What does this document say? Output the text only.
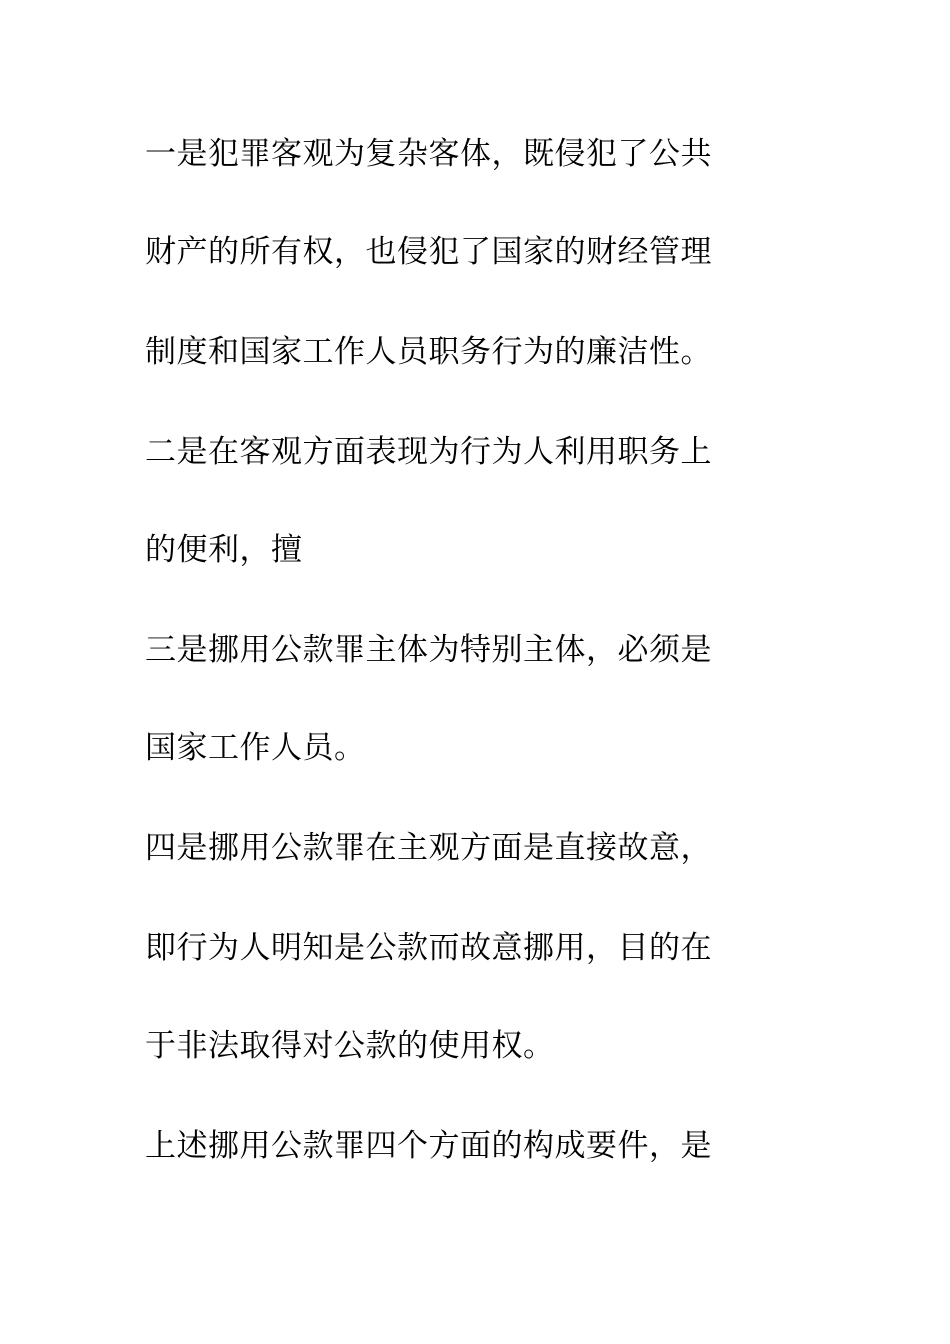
一是犯罪客观为复杂客体，既侵犯了公共
财产的所有权，也侵犯了国家的财经管理
制度和国家工作人员职务行为的廉洁性。
二是在客观方面表现为行为人利用职务上
的便利，擅
三是挪用公款罪主体为特别主体，必须是
国家工作人员。
四是挪用公款罪在主观方面是直接故意，
即行为人明知是公款而故意挪用，目的在
于非法取得对公款的使用权。
上述挪用公款罪四个方面的构成要件，是
